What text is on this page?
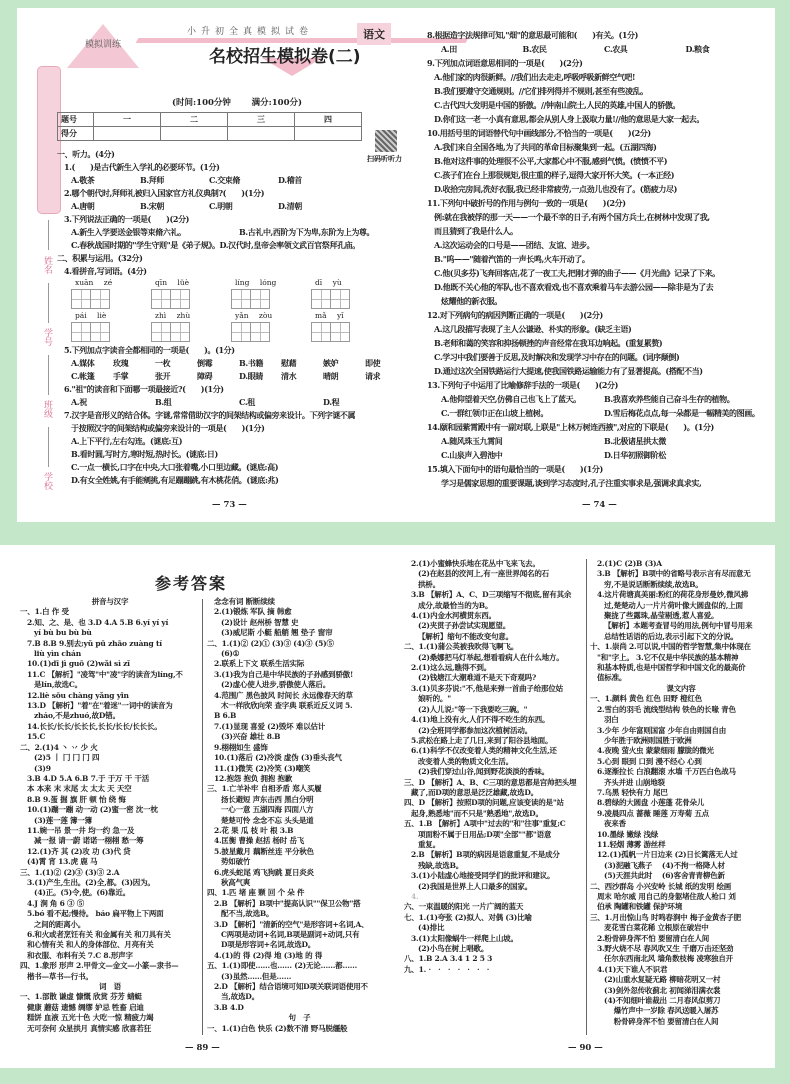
姓名
学号
班级
学校
模拟训练
小升初全真模拟试卷
名校招生模拟卷(二)
语文
(时间:100分钟 满分:100分)
题号	一	二	三	四
得分				
扫码听听力
一、听力。(4分)
1.(　　)是古代新生入学礼的必要环节。(1分)
A.敬茶	B.拜师	C.交束脩	D.稽首
2.哪个朝代时,拜师礼被归入国家官方礼仪典制?(　　)(1分)
A.唐朝	B.宋朝	C.明朝	D.清朝
3.下列说法正确的一项是(　　)(2分)
A.新生入学要送金银等束脩六礼。	B.古礼中,西阶为下为卑,东阶为上为尊。
C.春秋战国时期的"学生守则"是《弟子规》。D.汉代时,皇帝会率领文武百官祭拜孔庙。
二、积累与运用。(32分)
4.看拼音,写词语。(4分)
xuān zé	qīn lüè	líng lóng	dī yù
pái liè	zhì zhù	yǎn zòu	mǎ yǐ
5.下列加点字读音全都相同的一项是(　　)。(1分)
A.媒体	玫瑰	一枚	倒霉	B.书籍	慰藉	嫉妒	即使
C.帐篷	手掌	张开	障碍	D.眼睛	清水	晴朗	请求
6."祖"的读音和下面哪一项最接近?(　　)(1分)
A.祝	B.组	C.租	D.程
7.汉字是音形义的结合体。字谜,常常借助汉字的间架结构或偏旁来设计。下列字谜不属
于按照汉字的间架结构或偏旁来设计的一项是(　　)(1分)
A.上下平行,左右勾连。(谜底:互)
B.看时圆,写时方,寒时短,热时长。(谜底:日)
C.一点一横长,口字在中央,大口张着嘴,小口里边藏。(谜底:高)
D.有女全姓姚,有手能剜挑,有足蹦蹦跳,有木桃花俏。(谜底:兆)
— 73 —
8.根据造字法规律可知,"畑"的意思最可能和(　　)有关。(1分)
A.田	B.农民	C.农具	D.粮食
9.下列加点词语意思相同的一项是(　　)(2分)
A.他们家的肉很新鲜。//我们出去走走,呼吸呼吸新鲜空气吧!
B.我们要遵守交通规则。//它们排列得并不规则,甚至有些凌乱。
C.古代四大发明是中国的骄傲。//钟南山院士,人民的英雄,中国人的骄傲。
D.你们这一老一小真有意思,都会从别人身上汲取力量!//他的意思是大家一起去。
10.用括号里的词语替代句中画线部分,不恰当的一项是(　　)(2分)
A.我们来自全国各地,为了共同的革命目标聚集到一起。(五湖四海)
B.他对这件事的处理很不公平,大家都心中不服,感到气愤。(愤愤不平)
C.孩子们在台上那很规矩,很庄重的样子,逗得大家开怀大笑。(一本正经)
D.收拾完房间,洗好衣服,我已经非常疲劳,一点劲儿也没有了。(筋疲力尽)
11.下列句中破折号的作用与例句一致的一项是(　　)(2分)
例:就在我被俘的那一天——一个最不幸的日子,有两个国方兵士,在树林中发现了我,
而且猜到了我是什么人。
A.这次运动会的口号是——团结、友谊、进步。
B."呜——"随着汽笛的一声长鸣,火车开动了。
C.他(贝多芬)飞奔回客店,花了一夜工夫,把刚才弹的曲子——《月光曲》记录了下来。
D.他既不关心他的军队,也不喜欢看戏,也不喜欢乘着马车去游公园——除非是为了去
炫耀他的新衣服。
12.对下列病句的病因判断正确的一项是(　　)(2分)
A.这几段描写表现了主人公谦逊、朴实的形象。(缺乏主语)
B.老师和蔼的笑容和抑扬顿挫的声音经常在我耳边响起。(重复累赘)
C.学习中我们要善于反思,及时解决和发现学习中存在的问题。(词序颠倒)
D.通过这次全国铁路运行大提速,使我国铁路运输能力有了显著提高。(搭配不当)
13.下列句子中运用了比喻修辞手法的一项是(　　)(2分)
A.他仰望着天空,仿佛自己也飞上了蓝天。	B.我喜欢养些能自己奋斗生存的植物。
C.一群红领巾正在山坡上植树。	D.雪后梅花点点,每一朵都是一幅精美的图画。
14.颐和园紫霄殿中有一副对联,上联是"上林万树连西掖",对应的下联是(　　)。(1分)
A.随风珠玉九霄间	B.北极诸星拱太微
C.山泉声入碧池中	D.日华初照御阶松
15.填入下面句中的语句最恰当的一项是(　　)(1分)
学习是儒家思想的重要课题,谈到学习态度时,孔子注重实事求是,强调求真求实,
— 74 —
参考答案
拼音与汉字
一、1.白 作 受
2.知、之、是、也 3.D 4.A 5.B 6.yí yí yí
yí bù bu bù bù
7.B 8.B 9.别去;yǔ pū zhāo zuàng tí
liù yìn chán
10.(1)dī jì guō (2)wǎi sì zǐ
11.C 【解析】"凌驾"中"凌"字的读音为líng,不
是lín,故选C。
12.liè sōu chàng yǎng yīn
13.D 【解析】"着"在"着迷"一词中的读音为
zháo,不是zhuó,故D错。
14.长长/长长/长长长,长长/长长/长长长。
15.C
二、2.(1)4 丶 丷 少 火
(2)5 丨 冂 冂 冂 四
(3)9
3.B 4.D 5.A 6.B 7.于 于万 干 干活
本 本来 末 末尾 太 太太 天 天空
8.B 9.蛋 掘 旗 肝 顿 怡 绕 悔
10.(1)蹦一蹦 动一动 (2)蜜一密 沈一枕
(3)莲一莲 簿一簿
11.婉一吊 景一井 均一约 急一及
减一报 请一蔚 诺诺一栩栩 愁一筹
12.(1)齐 其 (2)攻 功 (3)代 贷
(4)霄 宵 13.虎 鹿 马
三、1.(1)② (2)③ (3)③ 2.A
3.(1)产生,生出。(2)全,都。(3)因为。
(4)正。(5)令,使。(6)靠近。
4.J 涧 角 6 ③ ⑤
5.bó 看不起;慢待。 báo 扁平物上下两面
之间的距离小。
6.和火或者烹饪有关 和金属有关 和刀具有关
和心情有关 和人的身体部位、月亮有关
和衣服、布料有关 7.C 8.形声字
四、1.象形 形声 2.甲骨文—金文—小篆—隶书—
楷书—草书—行书。
词　语
一、1.部散 谦虚 慷慨 欣赏 芬芳 蜻蜓
健康 蘑菇 遗憾 绸缪 妒忌 牲畜 启迪
糕饼 血液 五光十色 大吃一惊 精疲力竭
无可奈何 众星拱月 真情实感 欣喜若狂
念念有词 断断续续
2.(1)锻炼 军队 摘 韩愈
(2)设计 赵州桥 智慧 史
(3)威尼斯 小艇 船艄 翘 垫子 窗帘
二、1.(1)② (2)① (3)③ (4)③ (5)⑤
(6)①
2.联系上下文 联系生活实际
3.(1)我为自己是中华民族的子孙感到骄傲!
(2)虚心使人进步,骄傲使人落后。
4.范围广 黑色披风 时间长 永远像春天的草
木一样欣欣向荣 查字典 联系近反义词 5.
B 6.B
7.(1)显现 喜爱 (2)毁坏 难以估计
(3)兴奋 雄壮 8.B
9.栩栩如生 盛饰
10.(1)落后 (2)冷淡 虚伪 (3)垂头丧气
11.(1)微笑 (2)冷笑 (3)嘲笑
12.抱怨 抱负 拥抱 抱歉
三、1.亡羊补牢 自相矛盾 郑人买履
扬长避短 声东击西 黑白分明
一心一意 五湖四海 四面八方
楚楚可怜 念念不忘 头头是道
2.花 果 瓜 枝 叶 根 3.B
4.匡衡 曹操 赵括 杨时 岳飞
5.披星戴月 藕断丝连 平分秋色
势如破竹
6.虎头蛇尾 鸡飞狗跳 夏日炎炎
秋高气爽
四、1.匹 堵 座 颗 回 个 朵 件
2.B 【解析】B项中"提高认识""保卫公物"搭
配不当,故选B。
3.D 【解析】"清新的空气"是形容词+名词,A、
C两项是动词+名词,B项是副词+动词,只有
D项是形容词+名词,故选D。
4.(1)的 得 (2)得 地 (3)地 的 得
五、1.(1)即使……也…… (2)无论……都……
(3)虽然……但是……
2.D 【解析】结合语境可知D项关联词语使用不
当,故选D。
3.B 4.D
句　子
一、1.(1)白色 快乐 (2)数不清 野马脱缰般
2.(1)小蜜蜂快乐地在花丛中飞来飞去。
(2)在赵县的洨河上,有一座世界闻名的石
拱桥。
3.B 【解析】A、C、D三项缩写不彻底,留有其余
成分,故最恰当的为B。
4.(1)内金水河横贯东西。
(2)夹贯子孙尝试实现愿望。
【解析】缩句不能改变句意。
二、1.(1)蒲公英被我吹得飞啊飞。
(2)桑娜把马灯举起,想看看病人在什么地方。
2.(1)这么远,瞧得不到。
(2)钱塘江大潮难道不是天下奇观吗?
3.(1)贝多芬说:"不,他是来弹一首曲子给那位姑
娘听的。"
(2)人儿说:"等一下我要吃三碗。"
4.(1)地上没有火,人们不得不吃生的东西。
(2)全班同学都参加这次植树活动。
5.武松在路上走了几日,来到了阳谷县地面。
6.(1)科学不仅改变着人类的精神文化生活,还
改变着人类的物质文化生活。
(2)我们穿过山谷,闻到野花淡淡的香味。
三、D 【解析】A、B、C三项的意思都是宫帅把头埋
藏了,而D项的意思是泛泛雄藏,故选D。
四、D 【解析】按照D项的问题,应该变读的是"站
起身,熟悉地"而不只是"熟悉地",故选D。
五、1.B 【解析】A项中"过去的"和"往事"重复;C
项面粉不属于日用品;D项"全部""都"语意
重复。
2.B 【解析】B项的病因是语意重复,不是成分
残缺,故选B。
3.(1)小陆虚心地接受同学们的批评和建议。
(2)我国是世界上人口最多的国家。
4.
六、一束温暖的阳光 一片广阔的蓝天
七、1.(1)夸张 (2)拟人、对偶 (3)比喻
(4)排比
3.(1)太阳像蜗牛一样爬上山坡。
(2)小鸟在树上唱歌。
八、1.B 2.A 3.4 1 2 5 3
九、1. ·　·　·　·　·　·　·
2.(1)C (2)B (3)A
3.B 【解析】B项中的省略号表示言有尽而意无
穷,不是说话断断续续,故选B。
4.这片荷塘真美丽:粉红的荷花身形曼妙,微风拂
过,楚楚动人;一片片荷叶像大圆盘似的,上面
聚拢了些露珠,晶莹剔透,惹人喜爱。
【解析】本题考查冒号的用法,例句中冒号用来
总结性话语的后边,表示引起下文的分说。
十、1.崇尚 2.可以说,中国的哲学智慧,集中体现在
"和"字上。 3.它不仅是中华民族的基本精神
和基本特质,也是中国哲学和中国文化的最高价
值标准。
课文内容
一、1.颜料 黄色 红色 田野 橙红色
2.雪白的羽毛 流线型结构 铁色的长喙 青色
羽白
3.少年 少年富则国富 少年自由则国自由
少年胜于欧洲则国胜于欧洲
4.夜晚 萤火虫 蒙蒙细雨 朦胧的微光
5.心到 眼到 口到 漫不经心 心到
6.逐渐拉长 白浪翻滚 水墙 千万匹白色战马
齐头并进 山崩地裂
7.乌黑 轻快有力 尾巴
8.碧绿的大圆盘 小莲蓬 花骨朵儿
9.凌晨四点 蔷薇 睡莲 万寿菊 五点
夜来香
10.墨绿 嫩绿 浅绿
11.轻烟 薄雾 游丝样
12.(1)孤帆一片日边来 (2)日长篱落无人过
(3)泥融飞燕子　 (4)不拘一格降人材
(5)天涯共此时　 (6)客舍青青柳色新
二、西沙群岛 小兴安岭 长城 纸的发明 绘画
周末 哈尔威 用自己的身躯堵住敌人枪口 刘
伯承 陶罐和铁罐 保护环境
三、1.月出惊山鸟 时鸣春涧中 梅子金黄杏子肥
麦花雪白菜花稀 立根原在破岩中
2.粉骨碎身浑不怕 要留清白在人间
3.野火烧不尽 春风吹又生 千磨万击还坚劲
任尔东西南北风 墙角数枝梅 凌寒独自开
4.(1)天下谁人不识君
(2)山重水复疑无路 柳暗花明又一村
(3)剑外忽传收蓟北 初闻涕泪满衣裳
(4)不知细叶谁裁出 二月春风似剪刀
　 爆竹声中一岁除 春风送暖入屠苏
　 粉骨碎身浑不怕 要留清白在人间
— 89 —	— 90 —
